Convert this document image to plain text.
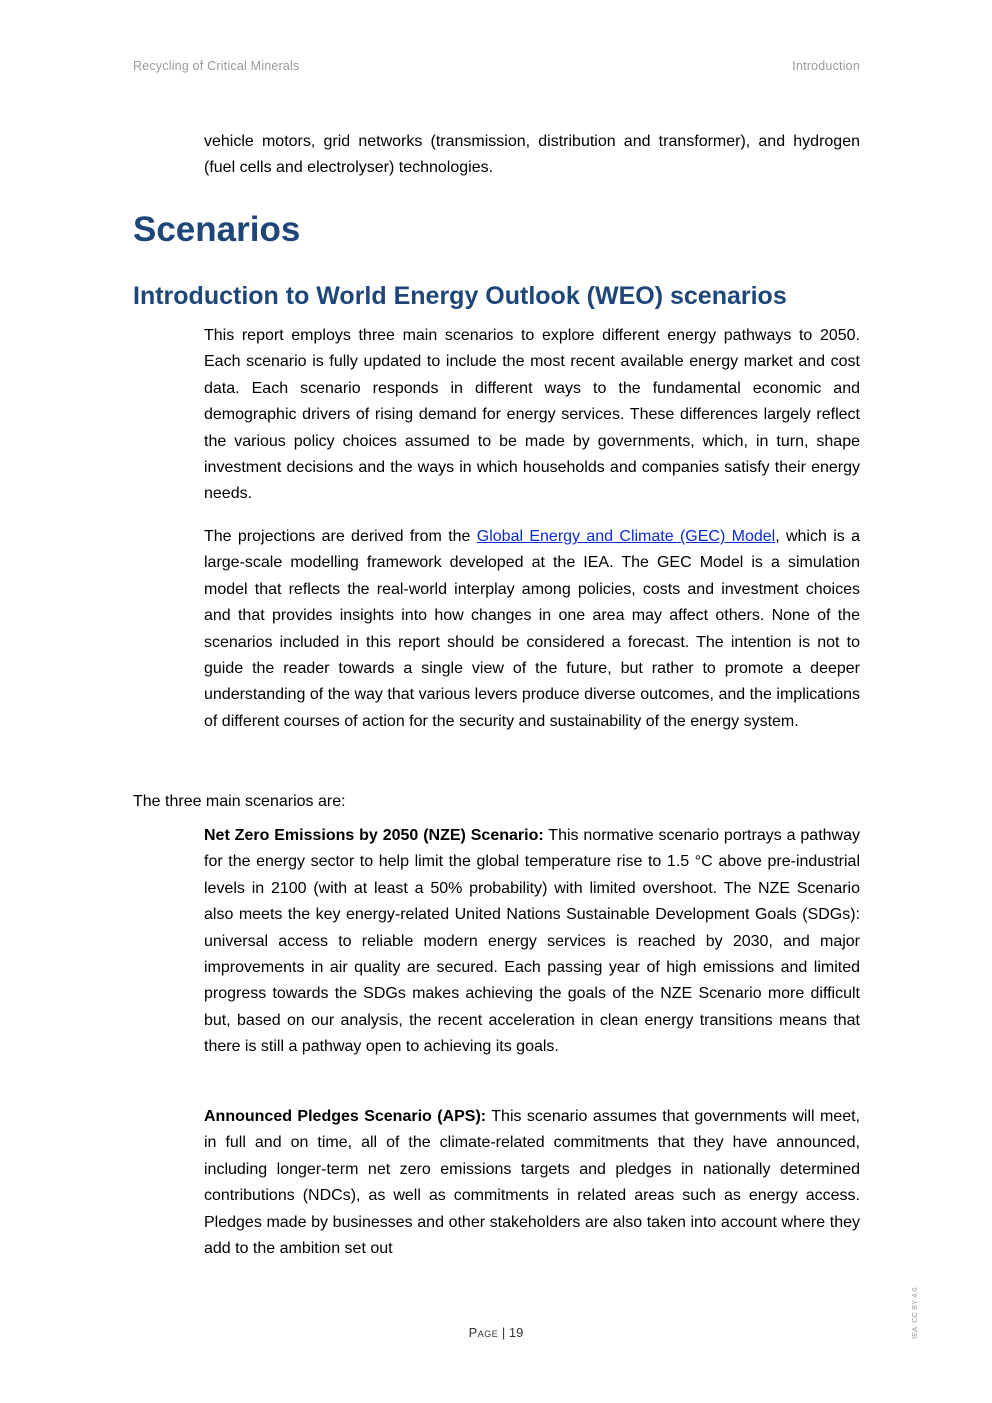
Recycling of Critical Minerals	Introduction

vehicle motors, grid networks (transmission, distribution and transformer), and hydrogen (fuel cells and electrolyser) technologies.

Scenarios
Introduction to World Energy Outlook (WEO) scenarios

This report employs three main scenarios to explore different energy pathways to 2050. Each scenario is fully updated to include the most recent available energy market and cost data. Each scenario responds in different ways to the fundamental economic and demographic drivers of rising demand for energy services. These differences largely reflect the various policy choices assumed to be made by governments, which, in turn, shape investment decisions and the ways in which households and companies satisfy their energy needs.

The projections are derived from the Global Energy and Climate (GEC) Model, which is a large-scale modelling framework developed at the IEA. The GEC Model is a simulation model that reflects the real-world interplay among policies, costs and investment choices and that provides insights into how changes in one area may affect others. None of the scenarios included in this report should be considered a forecast. The intention is not to guide the reader towards a single view of the future, but rather to promote a deeper understanding of the way that various levers produce diverse outcomes, and the implications of different courses of action for the security and sustainability of the energy system.

The three main scenarios are:

Net Zero Emissions by 2050 (NZE) Scenario: This normative scenario portrays a pathway for the energy sector to help limit the global temperature rise to 1.5 °C above pre-industrial levels in 2100 (with at least a 50% probability) with limited overshoot. The NZE Scenario also meets the key energy-related United Nations Sustainable Development Goals (SDGs): universal access to reliable modern energy services is reached by 2030, and major improvements in air quality are secured. Each passing year of high emissions and limited progress towards the SDGs makes achieving the goals of the NZE Scenario more difficult but, based on our analysis, the recent acceleration in clean energy transitions means that there is still a pathway open to achieving its goals.

Announced Pledges Scenario (APS): This scenario assumes that governments will meet, in full and on time, all of the climate-related commitments that they have announced, including longer-term net zero emissions targets and pledges in nationally determined contributions (NDCs), as well as commitments in related areas such as energy access. Pledges made by businesses and other stakeholders are also taken into account where they add to the ambition set out

Page | 19	IEA. CC BY 4.0.
